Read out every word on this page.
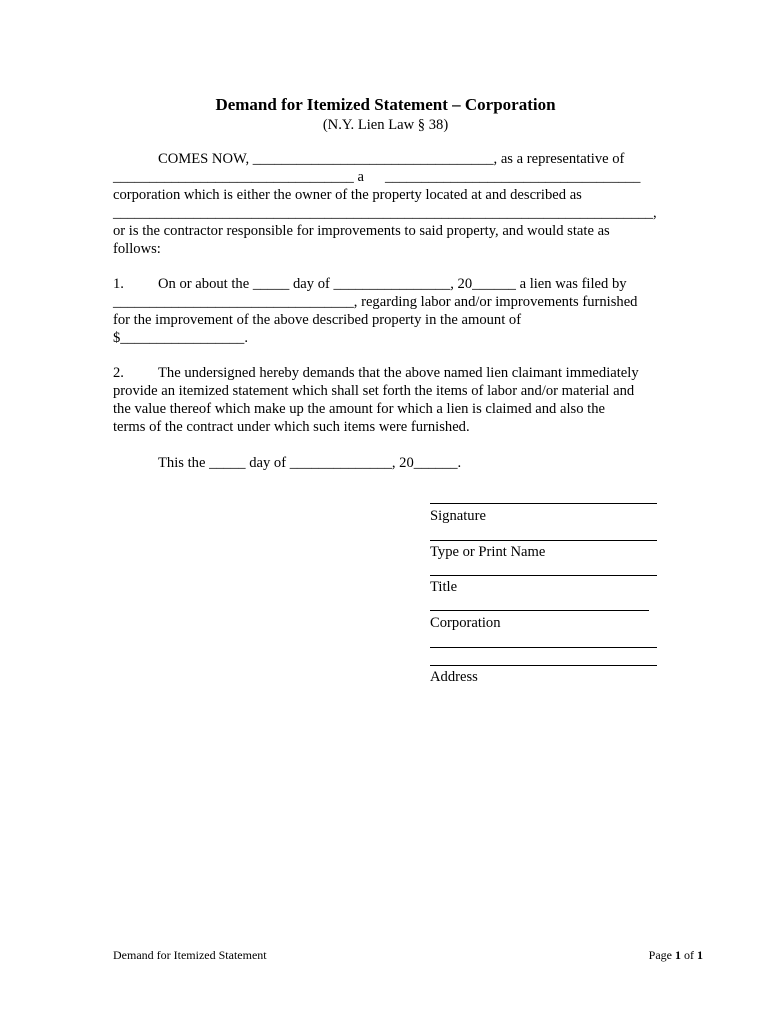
Demand for Itemized Statement – Corporation
(N.Y. Lien Law § 38)
COMES NOW, _________________________________, as a representative of
_________________________________ a ___________________________________
corporation which is either the owner of the property located at and described as
__________________________________________________________________________,
or is the contractor responsible for improvements to said property, and would state as
follows:
1. On or about the _____ day of ________________, 20______ a lien was filed by
_________________________________, regarding labor and/or improvements furnished
for the improvement of the above described property in the amount of
$_________________.
2. The undersigned hereby demands that the above named lien claimant immediately
provide an itemized statement which shall set forth the items of labor and/or material and
the value thereof which make up the amount for which a lien is claimed and also the
terms of the contract under which such items were furnished.
This the _____ day of ______________, 20______.
Signature
Type or Print Name
Title
Corporation
Address
Demand for Itemized Statement	Page 1 of 1
